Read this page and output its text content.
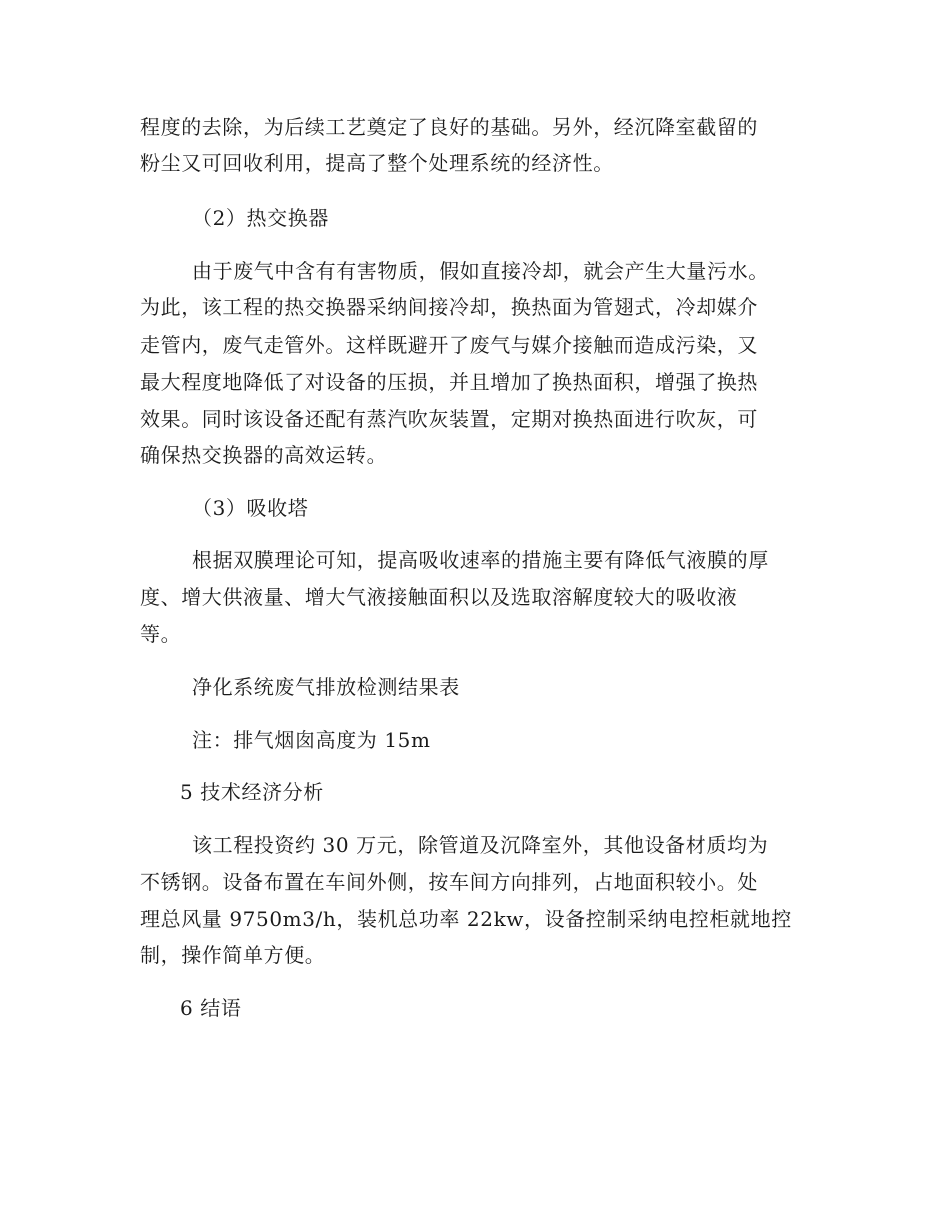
程度的去除，为后续工艺奠定了良好的基础。另外，经沉降室截留的
粉尘又可回收利用，提高了整个处理系统的经济性。
（2）热交换器
由于废气中含有有害物质，假如直接冷却，就会产生大量污水。
为此，该工程的热交换器采纳间接冷却，换热面为管翅式，冷却媒介
走管内，废气走管外。这样既避开了废气与媒介接触而造成污染，又
最大程度地降低了对设备的压损，并且增加了换热面积，增强了换热
效果。同时该设备还配有蒸汽吹灰装置，定期对换热面进行吹灰，可
确保热交换器的高效运转。
（3）吸收塔
根据双膜理论可知，提高吸收速率的措施主要有降低气液膜的厚
度、增大供液量、增大气液接触面积以及选取溶解度较大的吸收液
等。
净化系统废气排放检测结果表
注：排气烟囱高度为 15m
5 技术经济分析
该工程投资约 30 万元，除管道及沉降室外，其他设备材质均为
不锈钢。设备布置在车间外侧，按车间方向排列，占地面积较小。处
理总风量 9750m3/h，装机总功率 22kw，设备控制采纳电控柜就地控
制，操作简单方便。
6 结语
